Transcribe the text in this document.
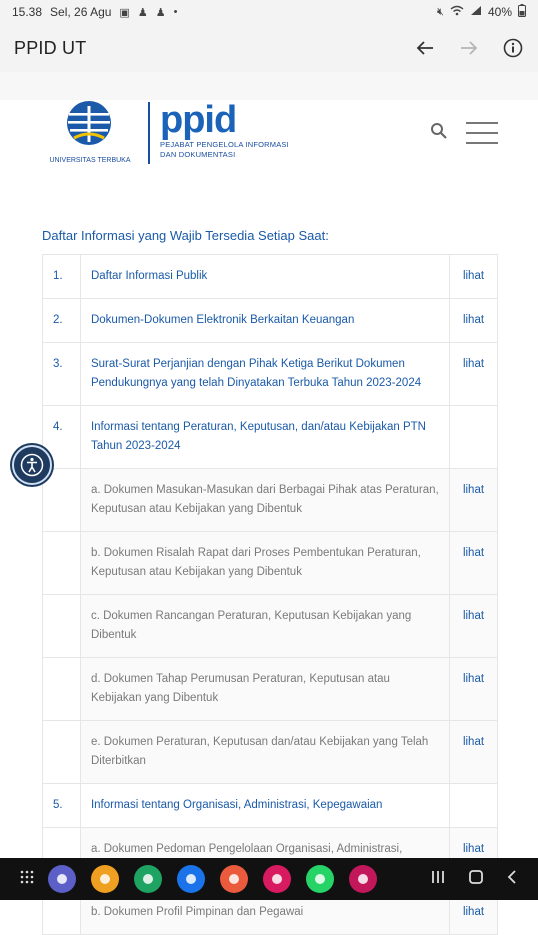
15.38 Sel, 26 Agu ▣ ♟ ♟ •	🔇︎	40%
PPID UT
UNIVERSITAS TERBUKA
ppid
PEJABAT PENGELOLA INFORMASI
DAN DOKUMENTASI
Daftar Informasi yang Wajib Tersedia Setiap Saat:
1.	Daftar Informasi Publik	lihat
2.	Dokumen-Dokumen Elektronik Berkaitan Keuangan	lihat
3.	Surat-Surat Perjanjian dengan Pihak Ketiga Berikut Dokumen Pendukungnya yang telah Dinyatakan Terbuka Tahun 2023-2024	lihat
4.	Informasi tentang Peraturan, Keputusan, dan/atau Kebijakan PTN Tahun 2023-2024	
	a. Dokumen Masukan-Masukan dari Berbagai Pihak atas Peraturan, Keputusan atau Kebijakan yang Dibentuk	lihat
	b. Dokumen Risalah Rapat dari Proses Pembentukan Peraturan, Keputusan atau Kebijakan yang Dibentuk	lihat
	c. Dokumen Rancangan Peraturan, Keputusan Kebijakan yang Dibentuk	lihat
	d. Dokumen Tahap Perumusan Peraturan, Keputusan atau Kebijakan yang Dibentuk	lihat
	e. Dokumen Peraturan, Keputusan dan/atau Kebijakan yang Telah Diterbitkan	lihat
5.	Informasi tentang Organisasi, Administrasi, Kepegawaian	
	a. Dokumen Pedoman Pengelolaan Organisasi, Administrasi,	lihat
	b. Dokumen Profil Pimpinan dan Pegawai	lihat
